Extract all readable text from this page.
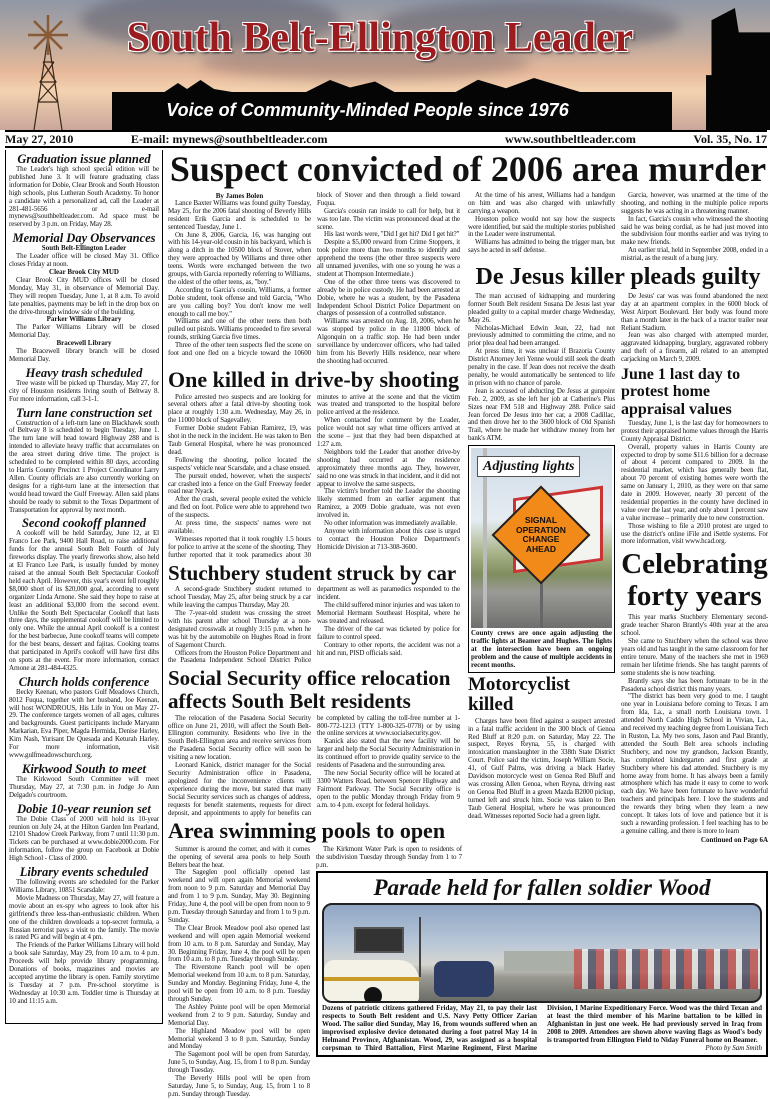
South Belt-Ellington Leader
Voice of Community-Minded People since 1976
May 27, 2010	E-mail: mynews@southbeltleader.com	www.southbeltleader.com	Vol. 35, No. 17
Graduation issue planned

The Leader's high school special edition will be published June 3. It will feature graduating class information for Dobie, Clear Brook and South Houston high schools, plus Lutheran South Academy. To honor a candidate with a personalized ad, call the Leader at 281-481-5656 or e-mail mynews@southbeltleader.com. Ad space must be reserved by 3 p.m. on Friday, May 28.

Memorial Day Observances
South Belt-Ellington Leader

The Leader office will be closed May 31. Office closes Friday at noon.

Clear Brook City MUD

Clear Brook City MUD offices will be closed Monday, May 31, in observance of Memorial Day. They will reopen Tuesday, June 1, at 8 a.m. To avoid late penalties, payments may be left in the drop box on the drive-through window side of the building.

Parker Williams Library

The Parker Williams Library will be closed Memorial Day.

Bracewell Library

The Bracewell library branch will be closed Memorial Day.

Heavy trash scheduled

Tree waste will be picked up Thursday, May 27, for city of Houston residents living south of Beltway 8. For more information, call 3-1-1.

Turn lane construction set

Construction of a left-turn lane on Blackhawk south of Beltway 8 is scheduled to begin Tuesday, June 1. The turn lane will head toward Highway 288 and is intended to alleviate heavy traffic that accumulates on the area street during drive time. The project is scheduled to be completed within 80 days, according to Harris County Precinct 1 Project Coordinator Larry Allen. County officials are also currently working on designs for a right-turn lane at the intersection that would head toward the Gulf Freeway. Allen said plans should be ready to submit to the Texas Department of Transportation for approval by next month.

Second cookoff planned

A cookoff will be held Saturday, June 12, at El Franco Lee Park, 9400 Hall Road, to raise additional funds for the annual South Belt Fourth of July fireworks display. The yearly fireworks show, also held at El Franco Lee Park, is usually funded by money raised at the annual South Belt Spectacular Cookoff held each April. However, this year's event fell roughly $8,000 short of its $20,000 goal, according to event organizer Linda Arnone. She said they hope to raise at least an additional $3,000 from the second event. Unlike the South Belt Spectacular Cookoff that lasts three days, the supplemental cookoff will be limited to only one. While the annual April cookoff is a contest for the best barbecue, June cookoff teams will compete for the best beans, dessert and fajitas. Cooking teams that participated in April's cookoff will have first dibs on spots at the event. For more information, contact Arnone at 281-484-4325.

Church holds conference

Becky Keenan, who pastors Gulf Meadows Church, 8012 Fuqua, together with her husband, Joe Keenan, will host WONDROUS, His Life in You on May 27-29. The conference targets women of all ages, cultures and backgrounds. Guest participants include Maryann Markarian, Eva Piper, Magda Hermida, Denise Harley, Kim Nash, Yurisant De Quesada and Keturah Harley. For more information, visit www.gulfmeadowschurch.org.

Kirkwood South to meet

The Kirkwood South Committee will meet Thursday, May 27, at 7:30 p.m. in Judge Jo Ann Delgado's courtroom.

Dobie 10-year reunion set

The Dobie Class of 2000 will hold its 10-year reunion on July 24, at the Hilton Garden Inn Pearland, 12101 Shadow Creek Parkway, from 7 until 11:30 p.m. Tickets can be purchased at www.dobie2000.com. For information, follow the group on Facebook at Dobie High School - Class of 2000.

Library events scheduled

The following events are scheduled for the Parker Williams Library, 10851 Scarsdale:

Movie Madness on Thursday, May 27, will feature a movie about an ex-spy who agrees to look after his girlfriend's three less-than-enthusiastic children. When one of the children downloads a top-secret formula, a Russian terrorist pays a visit to the family. The movie is rated PG and will begin at 4 pm.

The Friends of the Parker Williams Library will hold a book sale Saturday, May 29, from 10 a.m. to 4 p.m. Proceeds will help provide library programming. Donations of books, magazines and movies are accepted anytime the library is open. Family storytime is Tuesday at 7 p.m. Pre-school storytime is Wednesday at 10:30 a.m. Toddler time is Thursday at 10 and 11:15 a.m.

Suspect convicted of 2006 area murder
By James Bolen

Lance Baxter Williams was found guilty Tuesday, May 25, for the 2006 fatal shooting of Beverly Hills resident Erik Garcia and is scheduled to be sentenced Tuesday, June 1.

On June 8, 2006, Garcia, 16, was hanging out with his 14-year-old cousin in his backyard, which is along a ditch in the 10500 block of Stover, when they were approached by Williams and three other teens. Words were exchanged between the two groups, with Garcia reportedly referring to Williams, the oldest of the other teens, as, "boy."

According to Garcia's cousin, Williams, a former Dobie student, took offense and told Garcia, "Who are you calling boy? You don't know me well enough to call me boy."

Williams and one of the other teens then both pulled out pistols. Williams proceeded to fire several rounds, striking Garcia five times.

Three of the other teen suspects fled the scene on foot and one fled on a bicycle toward the 10600 block of Stover and then through a field toward Fuqua.

Garcia's cousin ran inside to call for help, but it was too late. The victim was pronounced dead at the scene.

His last words were, "Did I get hit? Did I get hit?"

Despite a $5,000 reward from Crime Stoppers, it took police more than two months to identify and apprehend the teens (the other three suspects were all unnamed juveniles, with one so young he was a student at Thompson Intermediate.)

One of the other three teens was discovered to already be in police custody. He had been arrested at Dobie, where he was a student, by the Pasadena Independent School District Police Department on charges of possession of a controlled substance.

Williams was arrested on Aug. 18, 2006, when he was stopped by police in the 11800 block of Algonquin on a traffic stop. He had been under surveillance by undercover officers, who had tailed him from his Beverly Hills residence, near where the shooting had occurred.

One killed in drive-by shooting

Police arrested two suspects and are looking for several others after a fatal drive-by shooting took place at roughly 1:30 a.m. Wednesday, May 26, in the 11000 block of Sagevalley.

Former Dobie student Fabian Ramirez, 19, was shot in the neck in the incident. He was taken to Ben Taub General Hospital, where he was pronounced dead.

Following the shooting, police located the suspects' vehicle near Scarsdale, and a chase ensued.

The pursuit ended, however, when the suspects' car crashed into a fence on the Gulf Freeway feeder road near Nyack.

After the crash, several people exited the vehicle and fled on foot. Police were able to apprehend two of the suspects.

At press time, the suspects' names were not available.

Witnesses reported that it took roughly 1.5 hours for police to arrive at the scene of the shooting. They further reported that it took paramedics about 30 minutes to arrive at the scene and that the victim was treated and transported to the hospital before police arrived at the residence.

When contacted for comment by the Leader, police would not say what time officers arrived at the scene – just that they had been dispatched at 1:27 a.m.

Neighbors told the Leader that another drive-by shooting had occurred at the residence approximately three months ago. They, however, said no one was struck in that incident, and it did not appear to involve the same suspects.

The victim's brother told the Leader the shooting likely stemmed from an earlier argument that Ramirez, a 2009 Dobie graduate, was not even involved in.

No other information was immediately available.

Anyone with information about this case is urged to contact the Houston Police Department's Homicide Division at 713-308-3600.

Stuchbery student struck by car

A second-grade Stuchbery student returned to school Tuesday, May 25, after being struck by a car while leaving the campus Thursday, May 20.

The 7-year-old student was crossing the street with his parent after school Thursday at a non-designated crosswalk at roughly 3:15 p.m. when he was hit by the automobile on Hughes Road in front of Sagemont Church.

Officers from the Houston Police Department and the Pasadena Independent School District Police department as well as paramedics responded to the incident.

The child suffered minor injuries and was taken to Memorial Hermann Southeast Hospital, where he was treated and released.

The driver of the car was ticketed by police for failure to control speed.

Contrary to other reports, the accident was not a hit and run, PISD officials said.

Social Security office relocation
affects South Belt residents

The relocation of the Pasadena Social Security office on June 21, 2010, will affect the South Belt-Ellington community. Residents who live in the South Belt-Ellington area and receive services from the Pasadena Social Security office will soon be visiting a new location.

Leonard Kanick, district manager for the Social Security Administration office in Pasadena, apologized for the inconvenience clients will experience during the move, but stated that many Social Security services such as changes of address, requests for benefit statements, requests for direct deposit, and appointments to apply for benefits can be completed by calling the toll-free number at 1-800-772-1213 (TTY 1-800-325-0778) or by using the online services at www.socialsecurity.gov.

Kanick also stated that the new facility will be larger and help the Social Security Administration in its continued effort to provide quality service to the residents of Pasadena and the surrounding area.

The new Social Security office will be located at 3300 Watters Road, between Spencer Highway and Fairmont Parkway. The Social Security office is open to the public Monday through Friday from 9 a.m. to 4 p.m. except for federal holidays.

Area swimming pools to open

At the time of his arrest, Williams had a handgun on him and was also charged with unlawfully carrying a weapon.

Houston police would not say how the suspects were identified, but said the multiple stories published in the Leader were instrumental.

Williams has admitted to being the trigger man, but says he acted in self defense.

Garcia, however, was unarmed at the time of the shooting, and nothing in the multiple police reports suggests he was acting in a threatening manner.

In fact, Garcia's cousin who witnessed the shooting said he was being cordial, as he had just moved into the subdivision four months earlier and was trying to make new friends.

An earlier trial, held in September 2008, ended in a mistrial, as the result of a hung jury.

De Jesus killer pleads guilty

The man accused of kidnapping and murdering former South Belt resident Susana De Jesus last year pleaded guilty to a capital murder charge Wednesday, May 26.

Nicholas-Michael Edwin Jean, 22, had not previously admitted to committing the crime, and no prior plea deal had been arranged.

At press time, it was unclear if Brazoria County District Attorney Jeri Yenne would still seek the death penalty in the case. If Jean does not receive the death penalty, he would automatically be sentenced to life in prison with no chance of parole.

Jean is accused of abducting De Jesus at gunpoint Feb. 2, 2009, as she left her job at Catherine's Plus Sizes near FM 518 and Highway 288. Police said Jean forced De Jesus into her car, a 2008 Cadillac, and then drove her to the 3600 block of Old Spanish Trail, where he made her withdraw money from her bank's ATM.

SIGNAL
OPERATION
CHANGE
AHEAD
Adjusting lights
County crews are once again adjusting the traffic lights at Beamer and Hughes. The lights at the intersection have been an ongoing problem and the cause of multiple accidents in recent months.
Motorcyclist killed

Charges have been filed against a suspect arrested in a fatal traffic accident in the 300 block of Genoa Red Bluff at 8:20 p.m. on Saturday, May 22. The suspect, Reyes Reyna, 55, is charged with intoxication manslaughter in the 338th State District Court. Police said the victim, Joseph William Socie, 41, of Gulf Palms, was driving a black Harley Davidson motorcycle west on Genoa Red Bluff and was crossing Allen Genoa, when Reyna, driving east on Genoa Red Bluff in a green Mazda B2000 pickup, turned left and struck him. Socie was taken to Ben Taub General Hospital, where he was pronounced dead. Witnesses reported Socie had a green light.

De Jesus' car was was found abandoned the next day at an apartment complex in the 6000 block of West Airport Boulevard. Her body was found more than a month later in the back of a tractor trailer near Reliant Stadium.

Jean was also charged with attempted murder, aggravated kidnapping, burglary, aggravated robbery and theft of a firearm, all related to an attempted carjacking on March 9, 2009.

June 1 last day to protest home appraisal values

Tuesday, June 1, is the last day for homeowners to protest their appraised home values through the Harris County Appraisal District.

Overall, property values in Harris County are expected to drop by some $11.6 billion for a decrease of about 4 percent compared to 2009. In the residential market, which has generally been flat, about 70 percent of existing homes were worth the same on January 1, 2010, as they were on that same date in 2009. However, nearly 30 percent of the residential properties in the county have declined in value over the last year, and only about 1 percent saw a value increase – primarily due to new construction.

Those wishing to file a 2010 protest are urged to use the district's online iFile and iSettle systems. For more information, visit www.hcad.org.

Celebrating
forty years

This year marks Stuchbery Elementary second-grade teacher Sharon Brantly's 40th year at the area school.

She came to Stuchbery when the school was three years old and has taught in the same classroom for her entire tenure. Many of the teachers she met in 1969 remain her lifetime friends. She has taught parents of some students she is now teaching.

Brantly says she has been fortunate to be in the Pasadena school district this many years.

"The district has been very good to me. I taught one year in Louisiana before coming to Texas. I am from Ida, La., a small north Louisiana town. I attended North Caddo High School in Vivian, La., and received my teaching degree from Louisiana Tech in Ruston, La. My two sons, Jason and Paul Brantly, attended the South Belt area schools including Stuchbery, and now my grandson, Jackson Brantly, has completed kindergarten and first grade at Stuchbery where his dad attended. Stuchbery is my home away from home. It has always been a family atmosphere which has made it easy to come to work each day. We have been fortunate to have wonderful teachers and principals here. I love the students and the rewards they bring when they learn a new concept. It takes lots of love and patience but it is such a rewarding profession. I feel teaching has to be a genuine calling, and there is more to learn

Continued on Page 6A

Summer is around the corner, and with it comes the opening of several area pools to help South Belters beat the heat.

The Sageglen pool officially opened last weekend and will open again Memorial weekend from noon to 9 p.m. Saturday and Memorial Day and from 1 to 9 p.m. Sunday, May 30. Beginning Friday, June 4, the pool will be open from noon to 9 p.m. Tuesday through Saturday and from 1 to 9 p.m. Sunday.

The Clear Brook Meadow pool also opened last weekend and will open again Memorial weekend from 10 a.m. to 8 p.m. Saturday and Sunday, May 30. Beginning Friday, June 4, the pool will be open from 10 a.m. to 8 p.m. Tuesday through Sunday.

The Riverstone Ranch pool will be open Memorial weekend from 10 a.m. to 8 p.m. Saturday, Sunday and Monday. Beginning Friday, June 4, the pool will be open from 10 a.m. to 8 p.m. Tuesday through Sunday.

The Ashley Pointe pool will be open Memorial weekend from 2 to 9 p.m. Saturday, Sunday and Memorial Day.

The Highland Meadow pool will be open Memorial weekend 3 to 8 p.m. Saturday, Sunday and Monday

The Sagemont pool will be open from Saturday, June 5, to Sunday, Aug. 15, from 1 to 8 p.m. Sunday through Tuesday.

The Beverly Hills pool will be open from Saturday, June 5, to Sunday, Aug. 15, from 1 to 8 p.m. Sunday through Tuesday.

The Kirkmont Water Park is open to residents of the subdivision Tuesday through Sunday from 1 to 7 p.m.

Parade held for fallen soldier Wood
Dozens of patriotic citizens gathered Friday, May 21, to pay their last respects to South Belt resident and U.S. Navy Petty Officer Zarian Wood. The sailor died Sunday, May 16, from wounds suffered when an improvised explosive device detonated during a foot patrol May 14 in Helmand Province, Afghanistan. Wood, 29, was assigned as a hospital corpsman to Third Battalion, First Marine Regiment, First Marine Division, I Marine Expeditionary Force. Wood was the third Texan and at least the third member of his Marine battalion to be killed in Afghanistan in just one week. He had previously served in Iraq from 2008 to 2009. Attendees are shown above waving flags as Wood's body is transported from Ellington Field to Niday Funeral home on Beamer.
Photo by Sam Smith
